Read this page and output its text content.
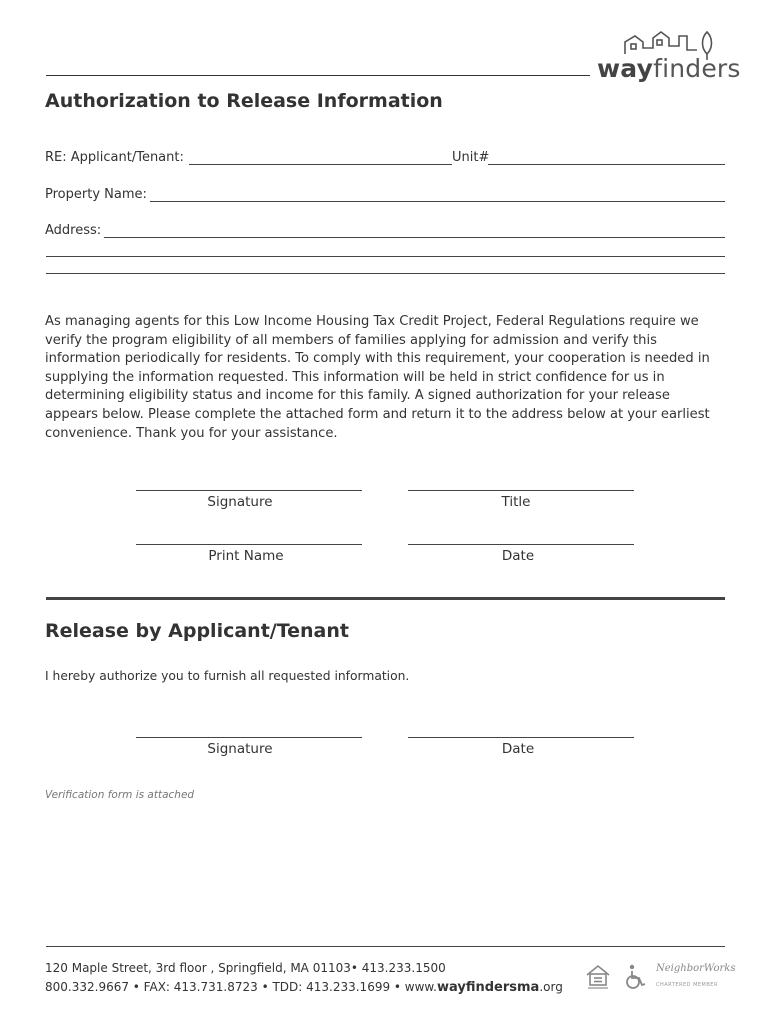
wayfinders
Authorization to Release Information
RE: Applicant/Tenant:	Unit#
Property Name:
Address:
As managing agents for this Low Income Housing Tax Credit Project, Federal Regulations require we verify the program eligibility of all members of families applying for admission and verify this information periodically for residents. To comply with this requirement, your cooperation is needed in supplying the information requested. This information will be held in strict confidence for us in determining eligibility status and income for this family. A signed authorization for your release appears below. Please complete the attached form and return it to the address below at your earliest convenience. Thank you for your assistance.
Signature	Title
Print Name	Date
Release by Applicant/Tenant
I hereby authorize you to furnish all requested information.
Signature	Date
Verification form is attached
120 Maple Street, 3rd floor , Springfield, MA 01103• 413.233.1500
800.332.9667 • FAX: 413.731.8723 • TDD: 413.233.1699 • www.wayfindersma.org
NeighborWorks
CHARTERED MEMBER
